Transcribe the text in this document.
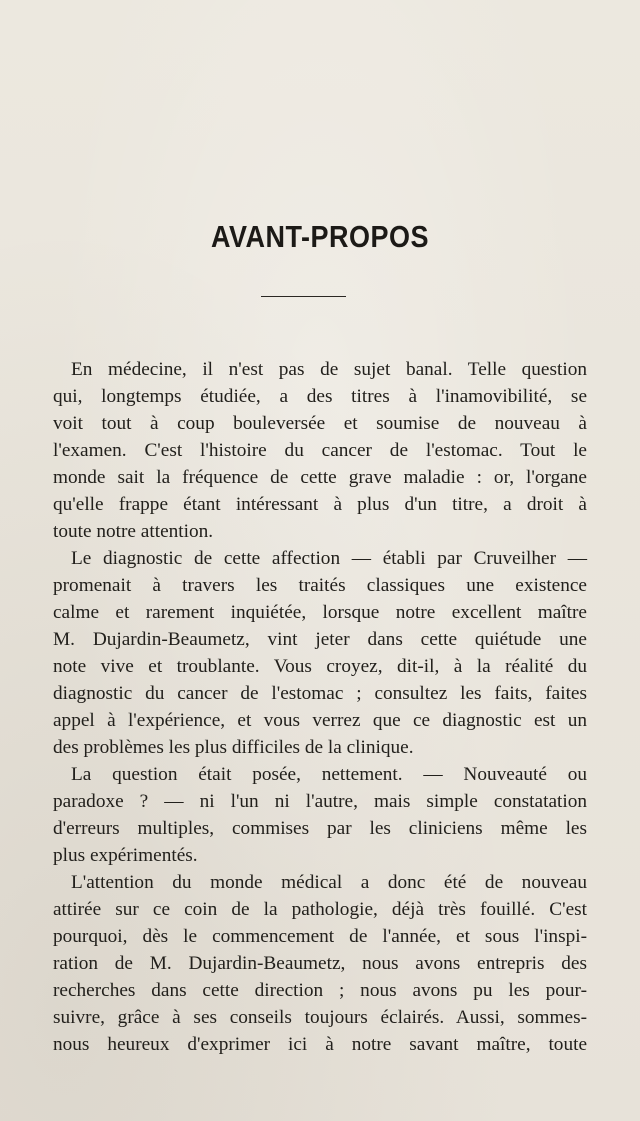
AVANT-PROPOS

En médecine, il n'est pas de sujet banal. Telle question
qui, longtemps étudiée, a des titres à l'inamovibilité, se
voit tout à coup bouleversée et soumise de nouveau à
l'examen. C'est l'histoire du cancer de l'estomac. Tout le
monde sait la fréquence de cette grave maladie : or, l'organe
qu'elle frappe étant intéressant à plus d'un titre, a droit à
toute notre attention.

Le diagnostic de cette affection — établi par Cruveilher —
promenait à travers les traités classiques une existence
calme et rarement inquiétée, lorsque notre excellent maître
M. Dujardin-Beaumetz, vint jeter dans cette quiétude une
note vive et troublante. Vous croyez, dit-il, à la réalité du
diagnostic du cancer de l'estomac ; consultez les faits, faites
appel à l'expérience, et vous verrez que ce diagnostic est un
des problèmes les plus difficiles de la clinique.

La question était posée, nettement. — Nouveauté ou
paradoxe ? — ni l'un ni l'autre, mais simple constatation
d'erreurs multiples, commises par les cliniciens même les
plus expérimentés.

L'attention du monde médical a donc été de nouveau
attirée sur ce coin de la pathologie, déjà très fouillé. C'est
pourquoi, dès le commencement de l'année, et sous l'inspi-
ration de M. Dujardin-Beaumetz, nous avons entrepris des
recherches dans cette direction ; nous avons pu les pour-
suivre, grâce à ses conseils toujours éclairés. Aussi, sommes-
nous heureux d'exprimer ici à notre savant maître, toute
